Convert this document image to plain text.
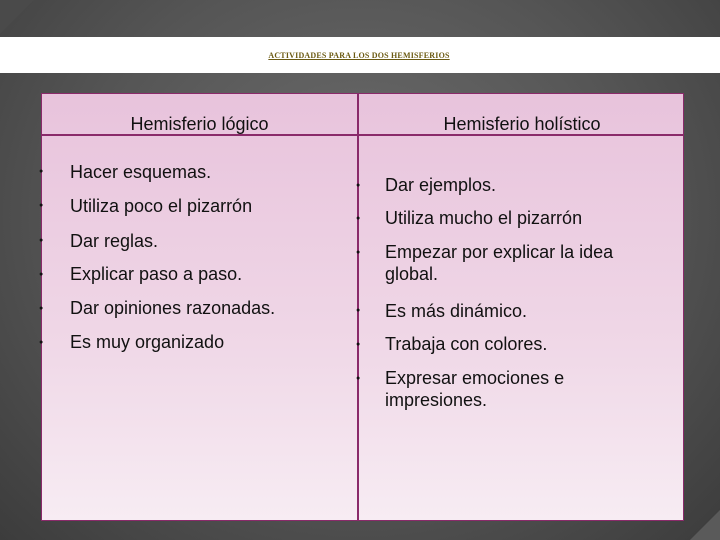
ACTIVIDADES PARA LOS DOS HEMISFERIOS
Hemisferio lógico	Hemisferio holístico
● Hacer esquemas.
● Utiliza poco el pizarrón
● Dar reglas.
● Explicar paso a paso.
● Dar opiniones razonadas.
● Es muy organizado
● Dar ejemplos.
● Utiliza mucho el pizarrón
● Empezar por explicar la idea global.
● Es más dinámico.
● Trabaja con colores.
● Expresar emociones e impresiones.
